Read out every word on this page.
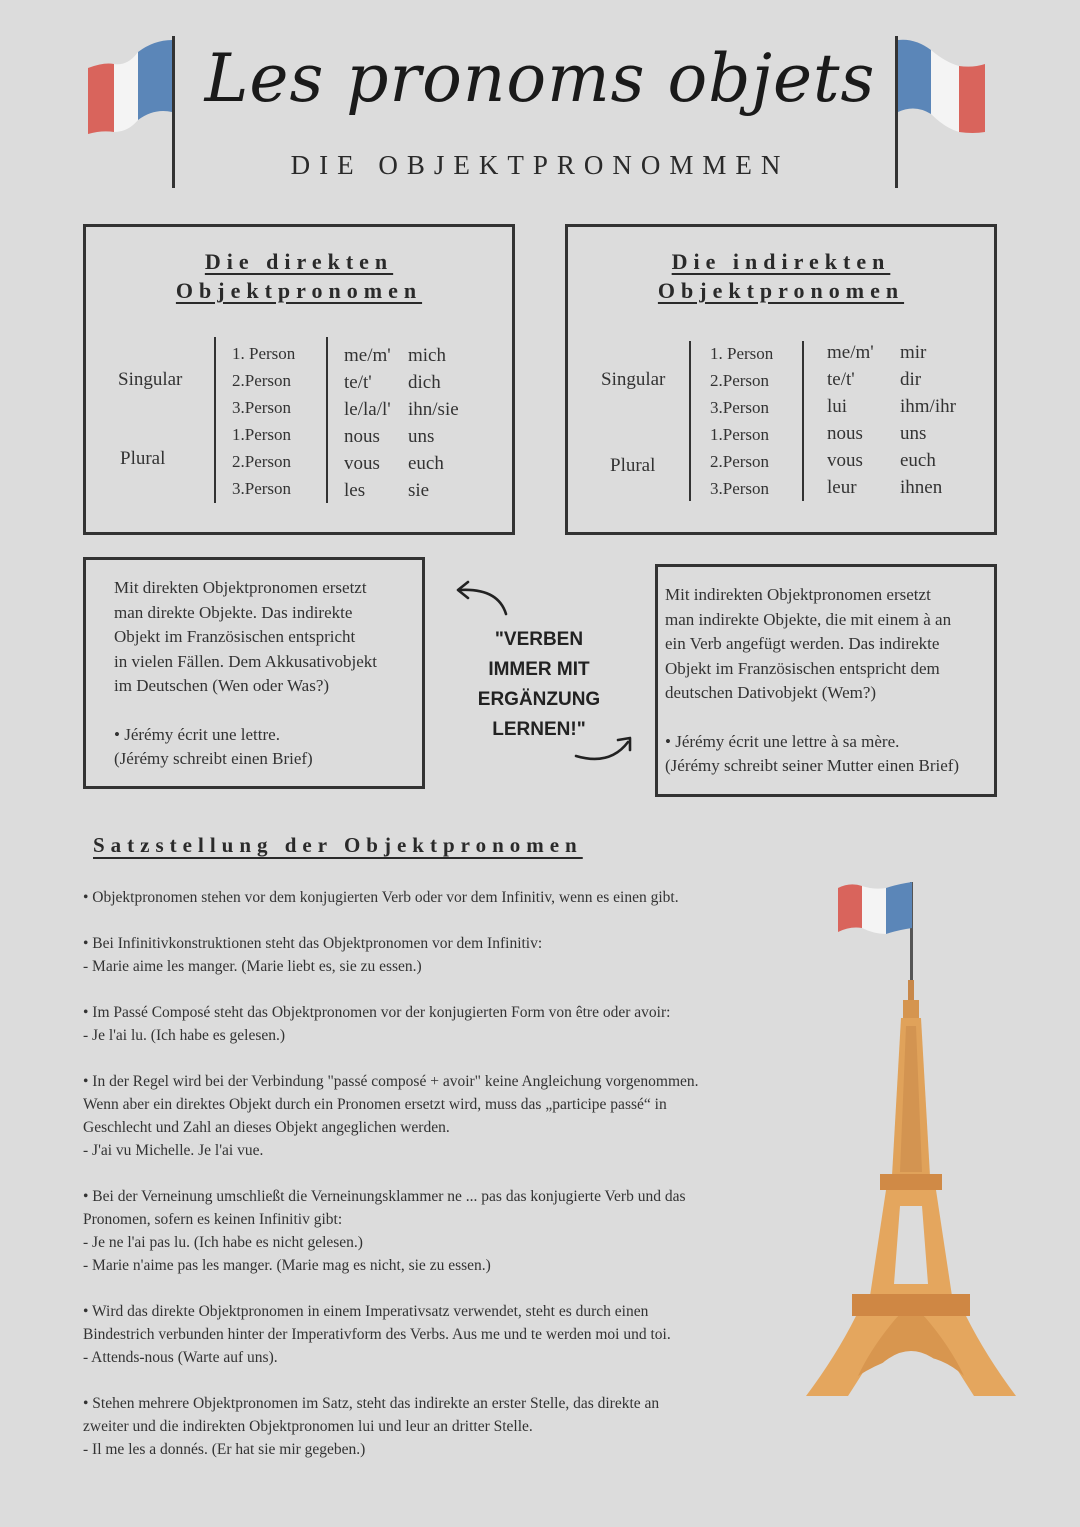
Les pronoms objets
DIE OBJEKTPRONOMMEN
Die direkten
Objektpronomen
Singular
Plural
1. Person
2.Person
3.Person
1.Person
2.Person
3.Person
me/m'
te/t'
le/la/l'
nous
vous
les
mich
dich
ihn/sie
uns
euch
sie
Die indirekten
Objektpronomen
Singular
Plural
1. Person
2.Person
3.Person
1.Person
2.Person
3.Person
me/m'
te/t'
lui
nous
vous
leur
mir
dir
ihm/ihr
uns
euch
ihnen

Mit direkten Objektpronomen ersetzt

man direkte Objekte. Das indirekte

Objekt im Französischen entspricht

in vielen Fällen. Dem Akkusativobjekt

im Deutschen (Wen oder Was?)

• Jérémy écrit une lettre.

(Jérémy schreibt einen Brief)

Mit indirekten Objektpronomen ersetzt

man indirekte Objekte, die mit einem à an

ein Verb angefügt werden. Das indirekte

Objekt im Französischen entspricht dem

deutschen Dativobjekt (Wem?)

• Jérémy écrit une lettre à sa mère.

(Jérémy schreibt seiner Mutter einen Brief)

"VERBEN
IMMER MIT
ERGÄNZUNG
LERNEN!"
Satzstellung der Objektpronomen
• Objektpronomen stehen vor dem konjugierten Verb oder vor dem Infinitiv, wenn es einen gibt.
• Bei Infinitivkonstruktionen steht das Objektpronomen vor dem Infinitiv:
- Marie aime les manger. (Marie liebt es, sie zu essen.)
• Im Passé Composé steht das Objektpronomen vor der konjugierten Form von être oder avoir:
- Je l'ai lu. (Ich habe es gelesen.)
• In der Regel wird bei der Verbindung "passé composé + avoir" keine Angleichung vorgenommen.
Wenn aber ein direktes Objekt durch ein Pronomen ersetzt wird, muss das „participe passé“ in
Geschlecht und Zahl an dieses Objekt angeglichen werden.
- J'ai vu Michelle. Je l'ai vue.
• Bei der Verneinung umschließt die Verneinungsklammer ne ... pas das konjugierte Verb und das
Pronomen, sofern es keinen Infinitiv gibt:
- Je ne l'ai pas lu. (Ich habe es nicht gelesen.)
- Marie n'aime pas les manger. (Marie mag es nicht, sie zu essen.)
• Wird das direkte Objektpronomen in einem Imperativsatz verwendet, steht es durch einen
Bindestrich verbunden hinter der Imperativform des Verbs. Aus me und te werden moi und toi.
- Attends-nous (Warte auf uns).
• Stehen mehrere Objektpronomen im Satz, steht das indirekte an erster Stelle, das direkte an
zweiter und die indirekten Objektpronomen lui und leur an dritter Stelle.
- Il me les a donnés. (Er hat sie mir gegeben.)
